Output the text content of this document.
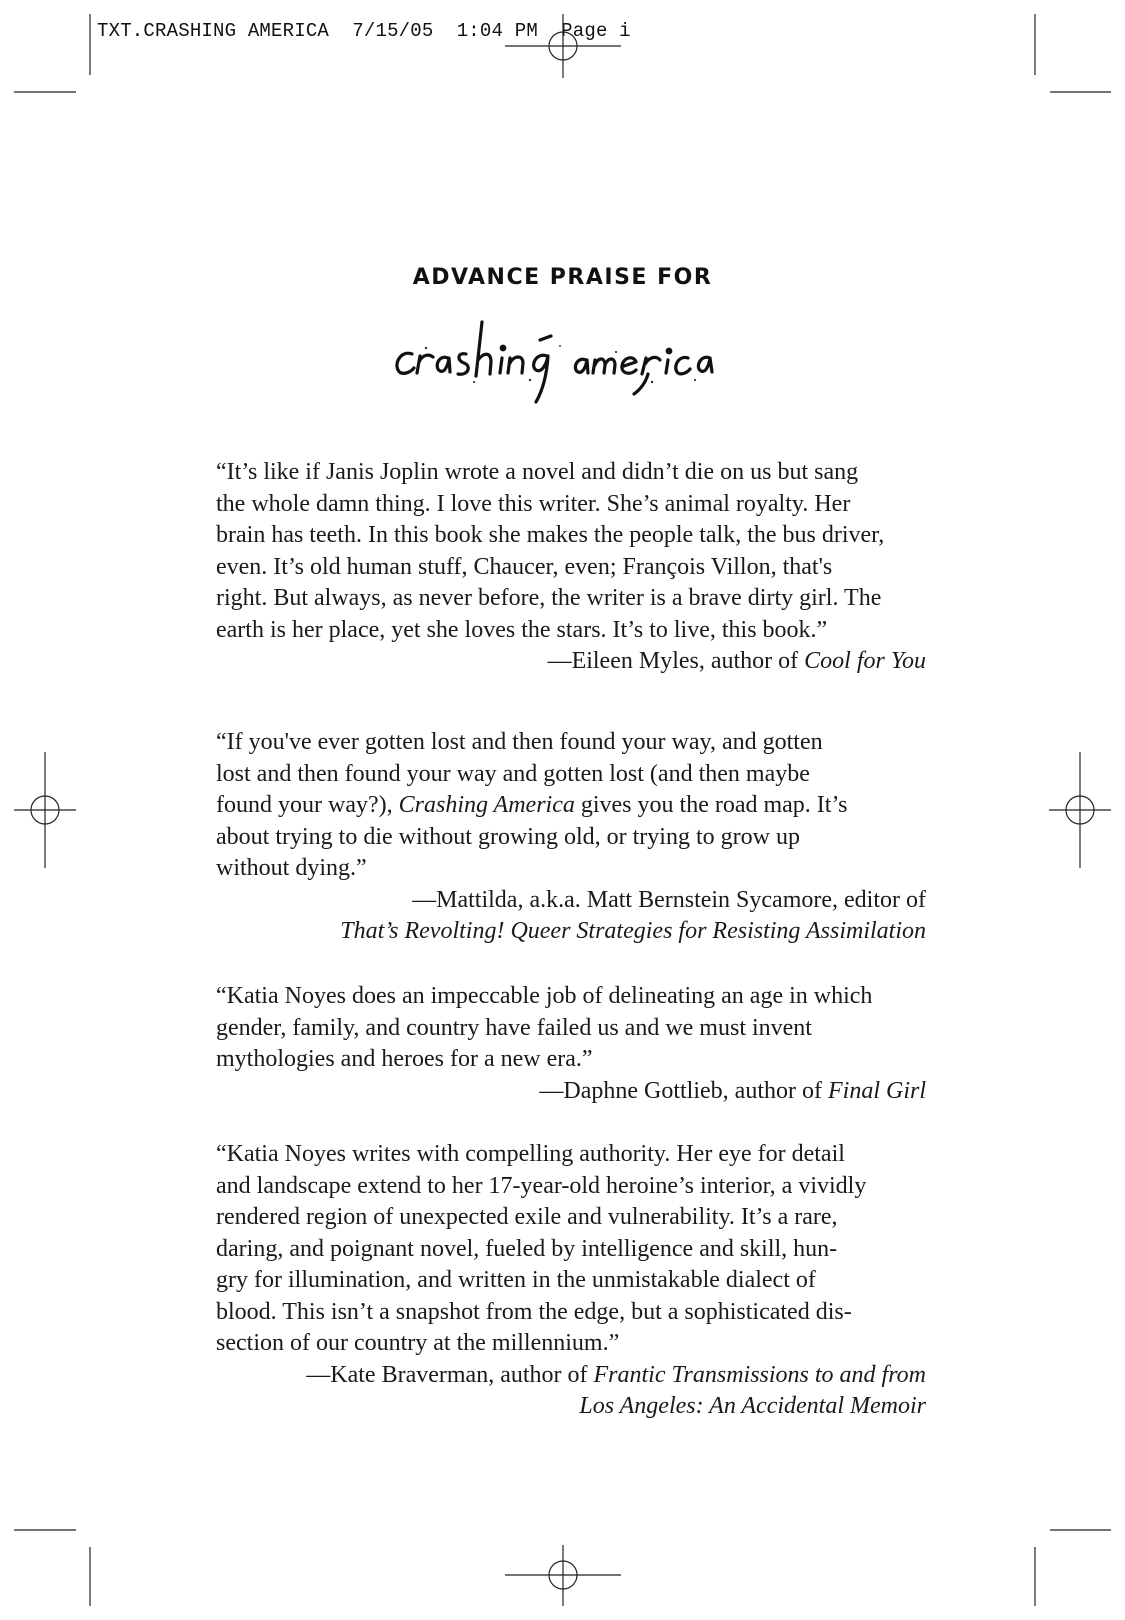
TXT.CRASHING AMERICA 7/15/05 1:04 PM Page i
ADVANCE PRAISE FOR

“It’s like if Janis Joplin wrote a novel and didn’t die on us but sang
the whole damn thing. I love this writer. She’s animal royalty. Her
brain has teeth. In this book she makes the people talk, the bus driver,
even. It’s old human stuff, Chaucer, even; François Villon, that's
right. But always, as never before, the writer is a brave dirty girl. The
earth is her place, yet she loves the stars. It’s to live, this book.”

—Eileen Myles, author of Cool for You

“If you've ever gotten lost and then found your way, and gotten
lost and then found your way and gotten lost (and then maybe
found your way?), Crashing America gives you the road map. It’s
about trying to die without growing old, or trying to grow up
without dying.”

—Mattilda, a.k.a. Matt Bernstein Sycamore, editor of
That’s Revolting! Queer Strategies for Resisting Assimilation

“Katia Noyes does an impeccable job of delineating an age in which
gender, family, and country have failed us and we must invent
mythologies and heroes for a new era.”

—Daphne Gottlieb, author of Final Girl

“Katia Noyes writes with compelling authority. Her eye for detail
and landscape extend to her 17-year-old heroine’s interior, a vividly
rendered region of unexpected exile and vulnerability. It’s a rare,
daring, and poignant novel, fueled by intelligence and skill, hun-
gry for illumination, and written in the unmistakable dialect of
blood. This isn’t a snapshot from the edge, but a sophisticated dis-
section of our country at the millennium.”

—Kate Braverman, author of Frantic Transmissions to and from
Los Angeles: An Accidental Memoir
